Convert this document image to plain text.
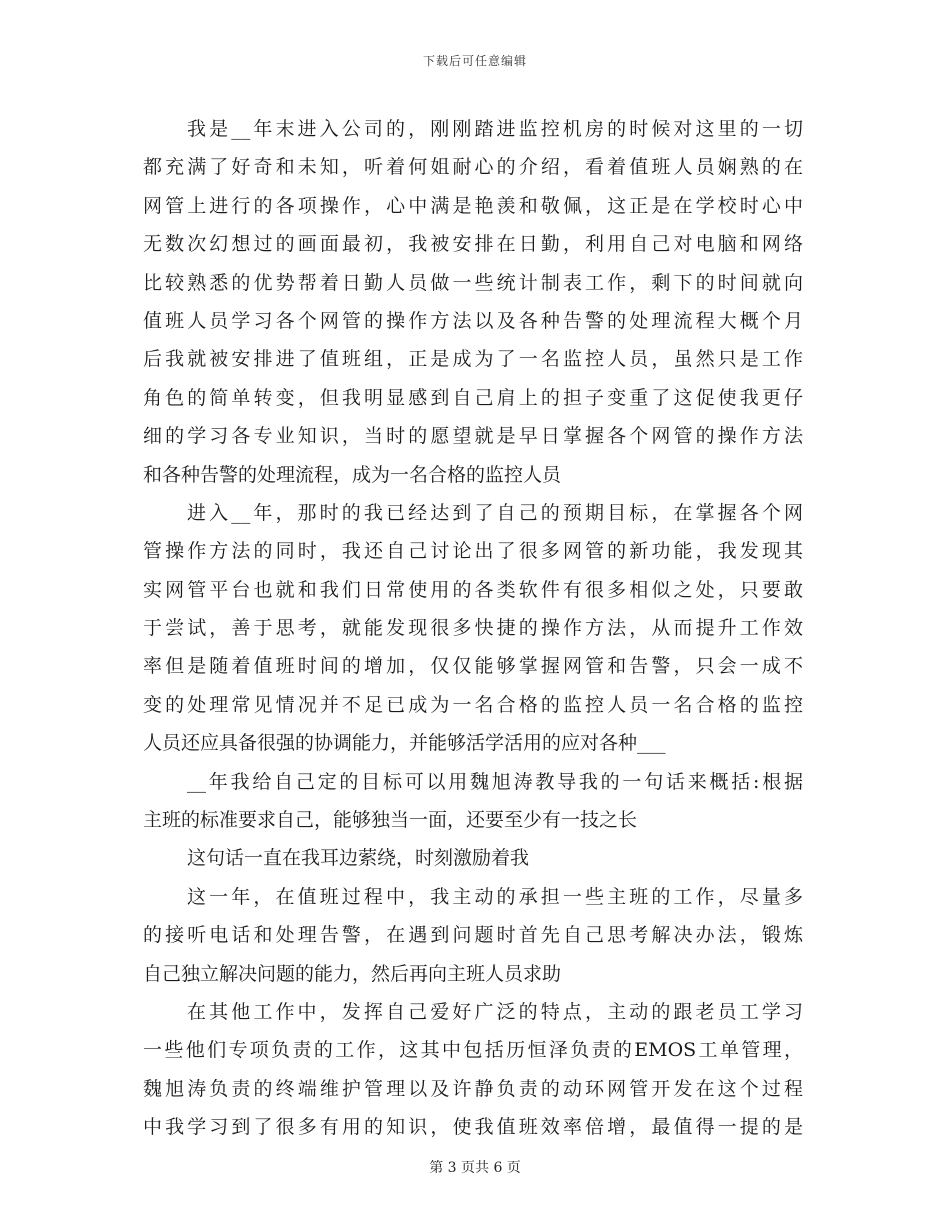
下载后可任意编辑
我是__年末进入公司的，刚刚踏进监控机房的时候对这里的一切
都充满了好奇和未知，听着何姐耐心的介绍，看着值班人员娴熟的在
网管上进行的各项操作，心中满是艳羡和敬佩，这正是在学校时心中
无数次幻想过的画面最初，我被安排在日勤，利用自己对电脑和网络
比较熟悉的优势帮着日勤人员做一些统计制表工作，剩下的时间就向
值班人员学习各个网管的操作方法以及各种告警的处理流程大概个月
后我就被安排进了值班组，正是成为了一名监控人员，虽然只是工作
角色的简单转变，但我明显感到自己肩上的担子变重了这促使我更仔
细的学习各专业知识，当时的愿望就是早日掌握各个网管的操作方法
和各种告警的处理流程，成为一名合格的监控人员
进入__年，那时的我已经达到了自己的预期目标，在掌握各个网
管操作方法的同时，我还自己讨论出了很多网管的新功能，我发现其
实网管平台也就和我们日常使用的各类软件有很多相似之处，只要敢
于尝试，善于思考，就能发现很多快捷的操作方法，从而提升工作效
率但是随着值班时间的增加，仅仅能够掌握网管和告警，只会一成不
变的处理常见情况并不足已成为一名合格的监控人员一名合格的监控
人员还应具备很强的协调能力，并能够活学活用的应对各种___
__年我给自己定的目标可以用魏旭涛教导我的一句话来概括:根据
主班的标准要求自己，能够独当一面，还要至少有一技之长
这句话一直在我耳边萦绕，时刻激励着我
这一年，在值班过程中，我主动的承担一些主班的工作，尽量多
的接听电话和处理告警，在遇到问题时首先自己思考解决办法，锻炼
自己独立解决问题的能力，然后再向主班人员求助
在其他工作中，发挥自己爱好广泛的特点，主动的跟老员工学习
一些他们专项负责的工作，这其中包括历恒泽负责的EMOS工单管理，
魏旭涛负责的终端维护管理以及许静负责的动环网管开发在这个过程
中我学习到了很多有用的知识，使我值班效率倍增，最值得一提的是
第 3 页共 6 页
